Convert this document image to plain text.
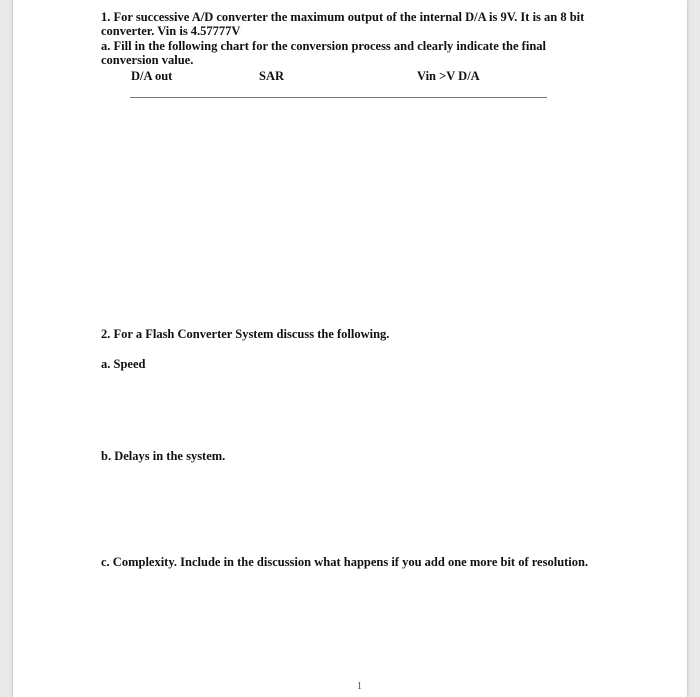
1. For successive A/D converter the maximum output of the internal D/A is 9V. It is an 8 bit
converter. Vin is 4.57777V
a. Fill in the following chart for the conversion process and clearly indicate the final
conversion value.
D/A out	SAR	Vin >V D/A
2. For a Flash Converter System discuss the following.
a. Speed
b. Delays in the system.
c. Complexity. Include in the discussion what happens if you add one more bit of resolution.
1
